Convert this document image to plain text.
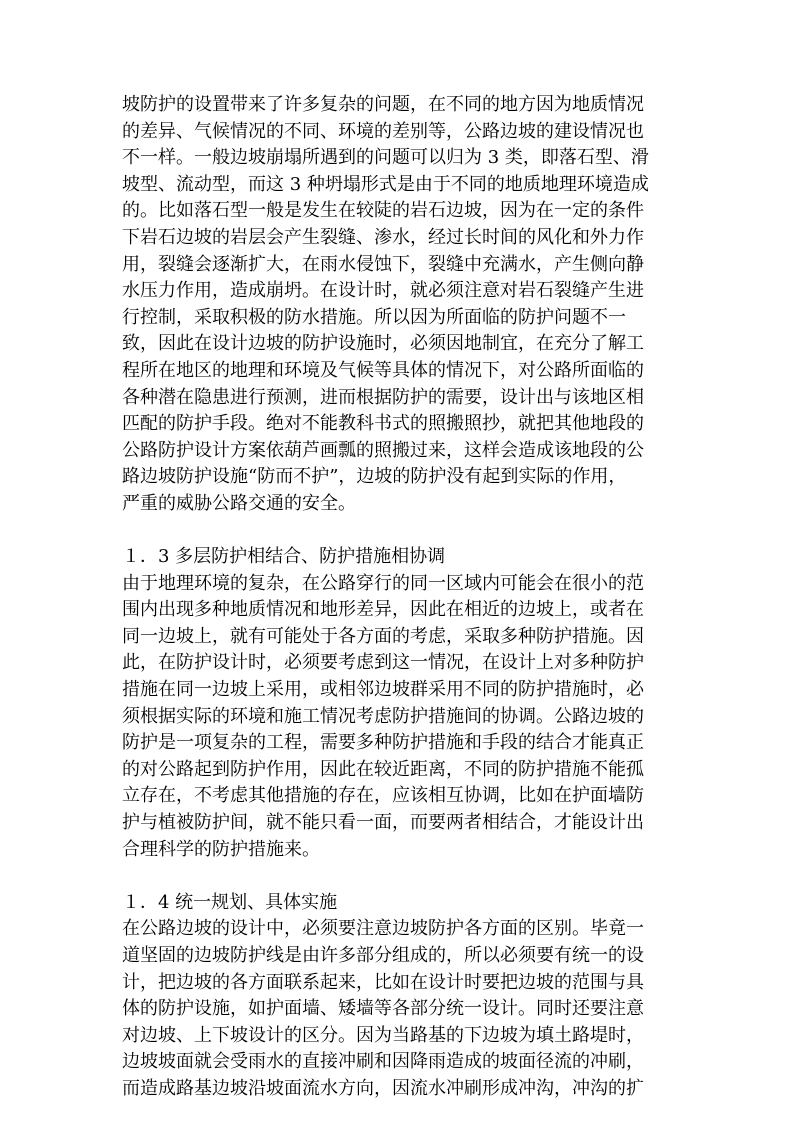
坡防护的设置带来了许多复杂的问题，在不同的地方因为地质情况
的差异、气候情况的不同、环境的差别等，公路边坡的建设情况也
不一样。一般边坡崩塌所遇到的问题可以归为 3 类，即落石型、滑
坡型、流动型，而这 3 种坍塌形式是由于不同的地质地理环境造成
的。比如落石型一般是发生在较陡的岩石边坡，因为在一定的条件
下岩石边坡的岩层会产生裂缝、渗水，经过长时间的风化和外力作
用，裂缝会逐渐扩大，在雨水侵蚀下，裂缝中充满水，产生侧向静
水压力作用，造成崩坍。在设计时，就必须注意对岩石裂缝产生进
行控制，采取积极的防水措施。所以因为所面临的防护问题不一
致，因此在设计边坡的防护设施时，必须因地制宜，在充分了解工
程所在地区的地理和环境及气候等具体的情况下，对公路所面临的
各种潜在隐患进行预测，进而根据防护的需要，设计出与该地区相
匹配的防护手段。绝对不能教科书式的照搬照抄，就把其他地段的
公路防护设计方案依葫芦画瓢的照搬过来，这样会造成该地段的公
路边坡防护设施“防而不护”，边坡的防护没有起到实际的作用，
严重的威胁公路交通的安全。
１．3 多层防护相结合、防护措施相协调
由于地理环境的复杂，在公路穿行的同一区域内可能会在很小的范
围内出现多种地质情况和地形差异，因此在相近的边坡上，或者在
同一边坡上，就有可能处于各方面的考虑，采取多种防护措施。因
此，在防护设计时，必须要考虑到这一情况，在设计上对多种防护
措施在同一边坡上采用，或相邻边坡群采用不同的防护措施时，必
须根据实际的环境和施工情况考虑防护措施间的协调。公路边坡的
防护是一项复杂的工程，需要多种防护措施和手段的结合才能真正
的对公路起到防护作用，因此在较近距离，不同的防护措施不能孤
立存在，不考虑其他措施的存在，应该相互协调，比如在护面墙防
护与植被防护间，就不能只看一面，而要两者相结合，才能设计出
合理科学的防护措施来。
１．4 统一规划、具体实施
在公路边坡的设计中，必须要注意边坡防护各方面的区别。毕竟一
道坚固的边坡防护线是由许多部分组成的，所以必须要有统一的设
计，把边坡的各方面联系起来，比如在设计时要把边坡的范围与具
体的防护设施，如护面墙、矮墙等各部分统一设计。同时还要注意
对边坡、上下坡设计的区分。因为当路基的下边坡为填土路堤时，
边坡坡面就会受雨水的直接冲刷和因降雨造成的坡面径流的冲刷，
而造成路基边坡沿坡面流水方向，因流水冲刷形成冲沟，冲沟的扩
